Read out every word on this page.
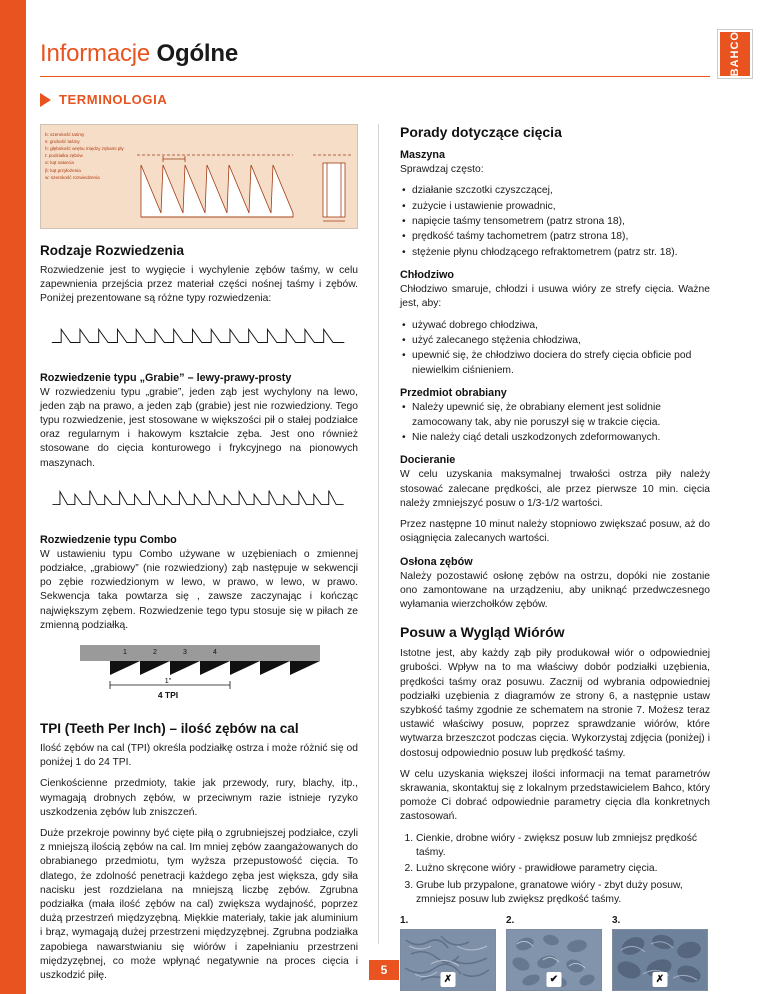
Informacje Ogólne	BAHCO
TERMINOLOGIA
b: szerokość taśmy
s: grubość taśmy
h: głębokość wrębu między zębami pły
t: podziałka zębów
α: kąt natarcia
β: kąt przyłożenia
w: szerokość rozwiedzenia
Rodzaje Rozwiedzenia

Rozwiedzenie jest to wygięcie i wychylenie zębów taśmy, w celu zapewnienia przejścia przez materiał części nośnej taśmy i zębów. Poniżej prezentowane są różne typy rozwiedzenia:

Rozwiedzenie typu „Grabie” – lewy-prawy-prosty

W rozwiedzeniu typu „grabie”, jeden ząb jest wychylony na lewo, jeden ząb na prawo, a jeden ząb (grabie) jest nie rozwiedziony. Tego typu rozwiedzenie, jest stosowane w większości pił o stałej podziałce oraz regularnym i hakowym kształcie zęba. Jest ono również stosowane do cięcia konturowego i frykcyjnego na pionowych maszynach.

Rozwiedzenie typu Combo

W ustawieniu typu Combo używane w uzębieniach o zmiennej podziałce, „grabiowy” (nie rozwiedziony) ząb następuje w sekwencji po zębie rozwiedzionym w lewo, w prawo, w lewo, w prawo. Sekwencja taka powtarza się , zawsze zaczynając i kończąc największym zębem. Rozwiedzenie tego typu stosuje się w piłach ze zmienną podziałką.

1	2	3	4
1"
4 TPI
TPI (Teeth Per Inch) – ilość zębów na cal

Ilość zębów na cal (TPI) określa podziałkę ostrza i może różnić się od poniżej 1 do 24 TPI.

Cienkościenne przedmioty, takie jak przewody, rury, blachy, itp., wymagają drobnych zębów, w przeciwnym razie istnieje ryzyko uszkodzenia zębów lub zniszczeń.

Duże przekroje powinny być cięte piłą o zgrubniejszej podziałce, czyli z mniejszą ilością zębów na cal. Im mniej zębów zaangażowanych do obrabianego przedmiotu, tym wyższa przepustowość cięcia. To dlatego, że zdolność penetracji każdego zęba jest większa, gdy siła nacisku jest rozdzielana na mniejszą liczbę zębów. Zgrubna podziałka (mała ilość zębów na cal) zwiększa wydajność, poprzez dużą przestrzeń międzyzębną. Miękkie materiały, takie jak aluminium i brąz, wymagają dużej przestrzeni międzyzębnej. Zgrubna podziałka zapobiega nawarstwianiu się wiórów i zapełnianiu przestrzeni międzyzębnej, co może wpłynąć negatywnie na proces cięcia i uszkodzić piłę.

Porady dotyczące cięcia
Maszyna

Sprawdzaj często:

• działanie szczotki czyszczącej,
• zużycie i ustawienie prowadnic,
• napięcie taśmy tensometrem (patrz strona 18),
• prędkość taśmy tachometrem (patrz strona 18),
• stężenie płynu chłodzącego refraktometrem (patrz str. 18).
Chłodziwo

Chłodziwo smaruje, chłodzi i usuwa wióry ze strefy cięcia. Ważne jest, aby:

• używać dobrego chłodziwa,
• użyć zalecanego stężenia chłodziwa,
• upewnić się, że chłodziwo dociera do strefy cięcia obficie pod niewielkim ciśnieniem.
Przedmiot obrabiany
• Należy upewnić się, że obrabiany element jest solidnie zamocowany tak, aby nie poruszył się w trakcie cięcia.
• Nie należy ciąć detali uszkodzonych zdeformowanych.
Docieranie

W celu uzyskania maksymalnej trwałości ostrza piły należy stosować zalecane prędkości, ale przez pierwsze 10 min. cięcia należy zmniejszyć posuw o 1/3-1/2 wartości.

Przez następne 10 minut należy stopniowo zwiększać posuw, aż do osiągnięcia zalecanych wartości.

Osłona zębów

Należy pozostawić osłonę zębów na ostrzu, dopóki nie zostanie ono zamontowane na urządzeniu, aby uniknąć przedwczesnego wyłamania wierzchołków zębów.

Posuw a Wygląd Wiórów

Istotne jest, aby każdy ząb piły produkował wiór o odpowiedniej grubości. Wpływ na to ma właściwy dobór podziałki uzębienia, prędkości taśmy oraz posuwu. Zacznij od wybrania odpowiedniej podziałki uzębienia z diagramów ze strony 6, a następnie ustaw szybkość taśmy zgodnie ze schematem na stronie 7. Możesz teraz ustawić właściwy posuw, poprzez sprawdzanie wiórów, które wytwarza brzeszczot podczas cięcia. Wykorzystaj zdjęcia (poniżej) i dostosuj odpowiednio posuw lub prędkość taśmy.

W celu uzyskania większej ilości informacji na temat parametrów skrawania, skontaktuj się z lokalnym przedstawicielem Bahco, który pomoże Ci dobrać odpowiednie parametry cięcia dla konkretnych zastosowań.

1. Cienkie, drobne wióry - zwiększ posuw lub zmniejsz prędkość taśmy.
2. Lużno skręcone wióry - prawidłowe parametry cięcia.
3. Grube lub przypalone, granatowe wióry - zbyt duży posuw, zmniejsz posuw lub zwiększ prędkość taśmy.
1.
✗
2.
✔
3.
✗
5
